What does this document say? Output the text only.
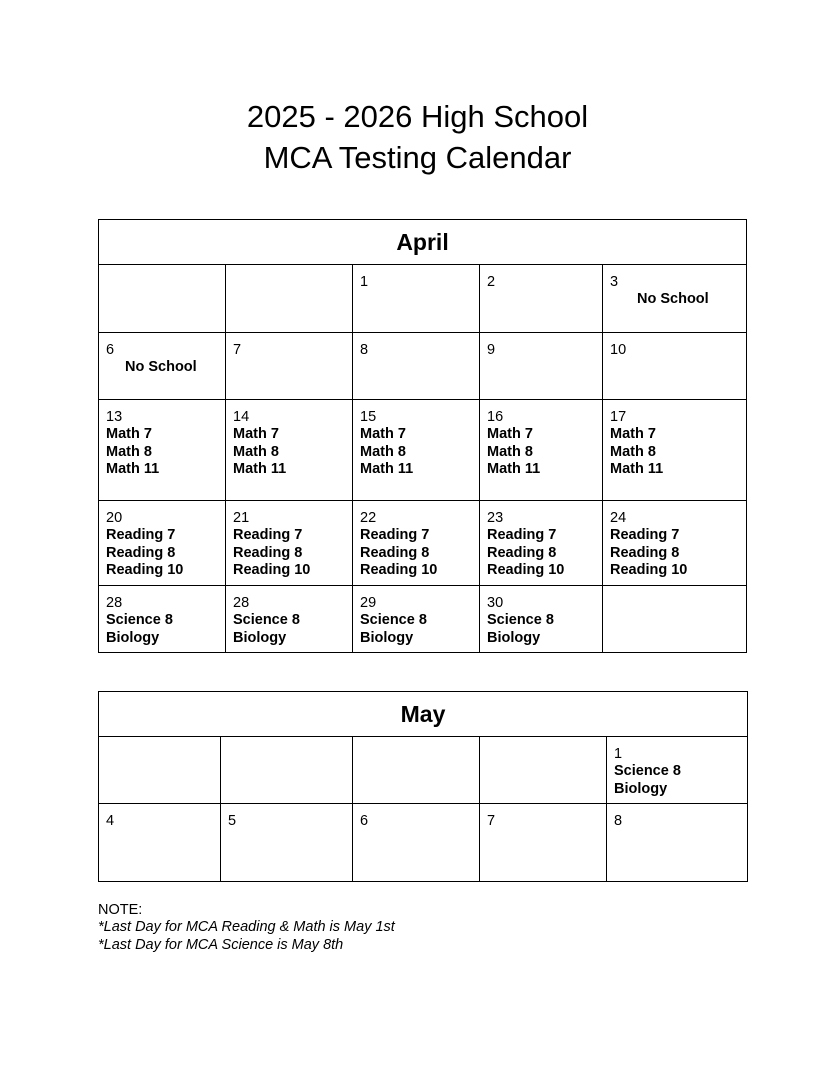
2025 - 2026 High School
MCA Testing Calendar
April				

		1	2	3
No School

6
No School	7	8	9	10

13
Math 7
Math 8
Math 11	14
Math 7
Math 8
Math 11	15
Math 7
Math 8
Math 11	16
Math 7
Math 8
Math 11	17
Math 7
Math 8
Math 11

20
Reading 7
Reading 8
Reading 10	21
Reading 7
Reading 8
Reading 10	22
Reading 7
Reading 8
Reading 10	23
Reading 7
Reading 8
Reading 10	24
Reading 7
Reading 8
Reading 10

28
Science 8
Biology	28
Science 8
Biology	29
Science 8
Biology	30
Science 8
Biology	

May				

				1
Science 8
Biology

4	5	6	7	8
NOTE:
*Last Day for MCA Reading & Math is May 1st
*Last Day for MCA Science is May 8th
